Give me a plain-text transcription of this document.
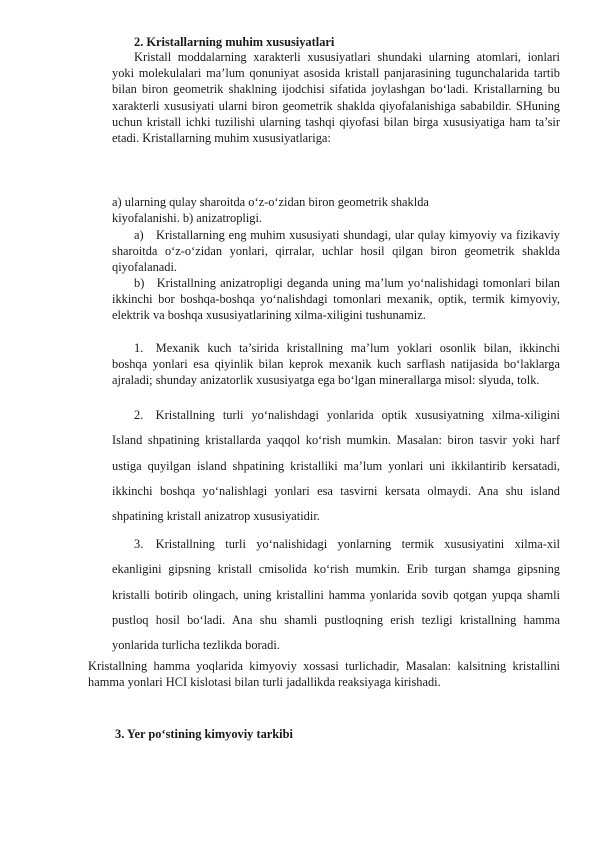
2. Kristallarning muhim xususiyatlari

Kristall moddalarning xarakterli xususiyatlari shundaki ularning atomlari, ionlari yoki molekulalari ma’lum qonuniyat asosida kristall panjarasining tugunchalarida tartib bilan biron geometrik shaklning ijodchisi sifatida joylashgan bo‘ladi. Kristallarning bu xarakterli xususiyati ularni biron geometrik shaklda qiyofalanishiga sababildir. SHuning uchun kristall ichki tuzilishi ularning tashqi qiyofasi bilan birga xususiyatiga ham ta’sir etadi. Kristallarning muhim xususiyatlariga:

a) ularning qulay sharoitda o‘z-o‘zidan biron geometrik shaklda
kiyofalanishi. b) anizatropligi.

a) Kristallarning eng muhim xususiyati shundagi, ular qulay kimyoviy va fizikaviy sharoitda o‘z-o‘zidan yonlari, qirralar, uchlar hosil qilgan biron geometrik shaklda qiyofalanadi.

b) Kristallning anizatropligi deganda uning ma’lum yo‘nalishidagi tomonlari bilan ikkinchi bor boshqa-boshqa yo‘nalishdagi tomonlari mexanik, optik, termik kimyoviy, elektrik va boshqa xususiyatlarining xilma-xiligini tushunamiz.

1. Mexanik kuch ta’sirida kristallning ma’lum yoklari osonlik bilan, ikkinchi boshqa yonlari esa qiyinlik bilan keprok mexanik kuch sarflash natijasida bo‘laklarga ajraladi; shunday anizatorlik xususiyatga ega bo‘lgan minerallarga misol: slyuda, tolk.

2. Kristallning turli yo‘nalishdagi yonlarida optik xususiyatning xilma-xiligini Island shpatining kristallarda yaqqol ko‘rish mumkin. Masalan: biron tasvir yoki harf ustiga quyilgan island shpatining kristalliki ma’lum yonlari uni ikkilantirib kersatadi, ikkinchi boshqa yo‘nalishlagi yonlari esa tasvirni kersata olmaydi. Ana shu island shpatining kristall anizatrop xususiyatidir.

3. Kristallning turli yo‘nalishidagi yonlarning termik xususiyatini xilma-xil ekanligini gipsning kristall cmisolida ko‘rish mumkin. Erib turgan shamga gipsning kristalli botirib olingach, uning kristallini hamma yonlarida sovib qotgan yupqa shamli pustloq hosil bo‘ladi. Ana shu shamli pustloqning erish tezligi kristallning hamma yonlarida turlicha tezlikda boradi.

Kristallning hamma yoqlarida kimyoviy xossasi turlichadir, Masalan: kalsitning kristallini hamma yonlari HCI kislotasi bilan turli jadallikda reaksiyaga kirishadi.

3. Yer po‘stining kimyoviy tarkibi
